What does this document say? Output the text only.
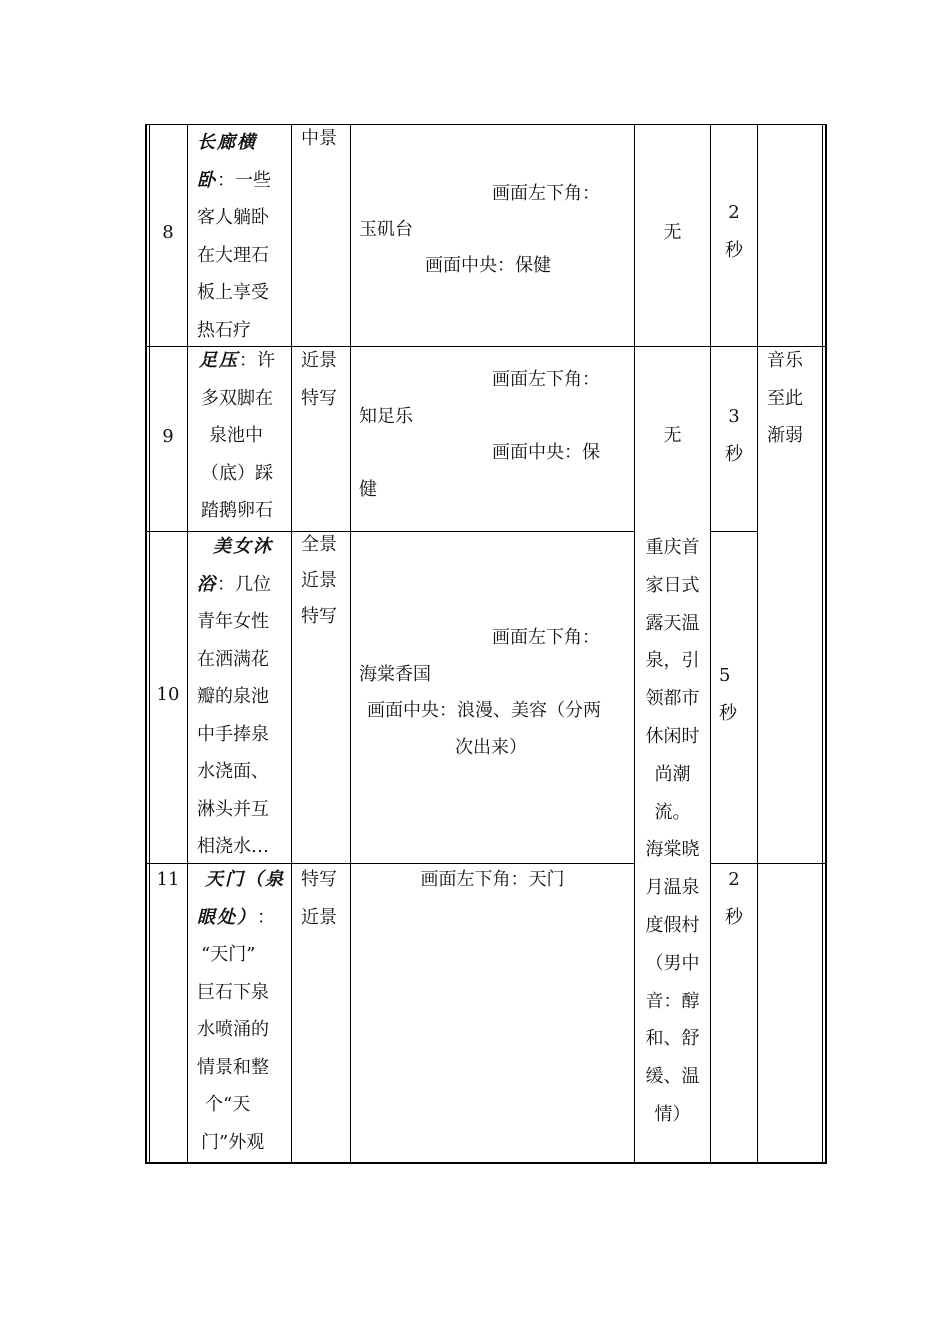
8
长廊横
卧：一些
客人躺卧
在大理石
板上享受
热石疗
中景
画面左下角：
玉矶台
画面中央：保健
无
2
秒
9
足压：许
多双脚在
泉池中
（底）踩
踏鹅卵石
近景
特写
画面左下角：
知足乐
画面中央：保
健
无
3
秒
音乐
至此
渐弱
10
美女沐
浴：几位
青年女性
在洒满花
瓣的泉池
中手捧泉
水浇面、
淋头并互
相浇水…
全景
近景
特写
画面左下角：
海棠香国
画面中央：浪漫、美容（分两
次出来）
5
秒
重庆首
家日式
露天温
泉，引
领都市
休闲时
尚潮
流。
海棠晓
月温泉
度假村
（男中
音：醇
和、舒
缓、温
情）
11	天门（泉
眼处）：
“天门”
巨石下泉
水喷涌的
情景和整
个“天
门”外观
特写
近景
画面左下角：天门	2
秒
